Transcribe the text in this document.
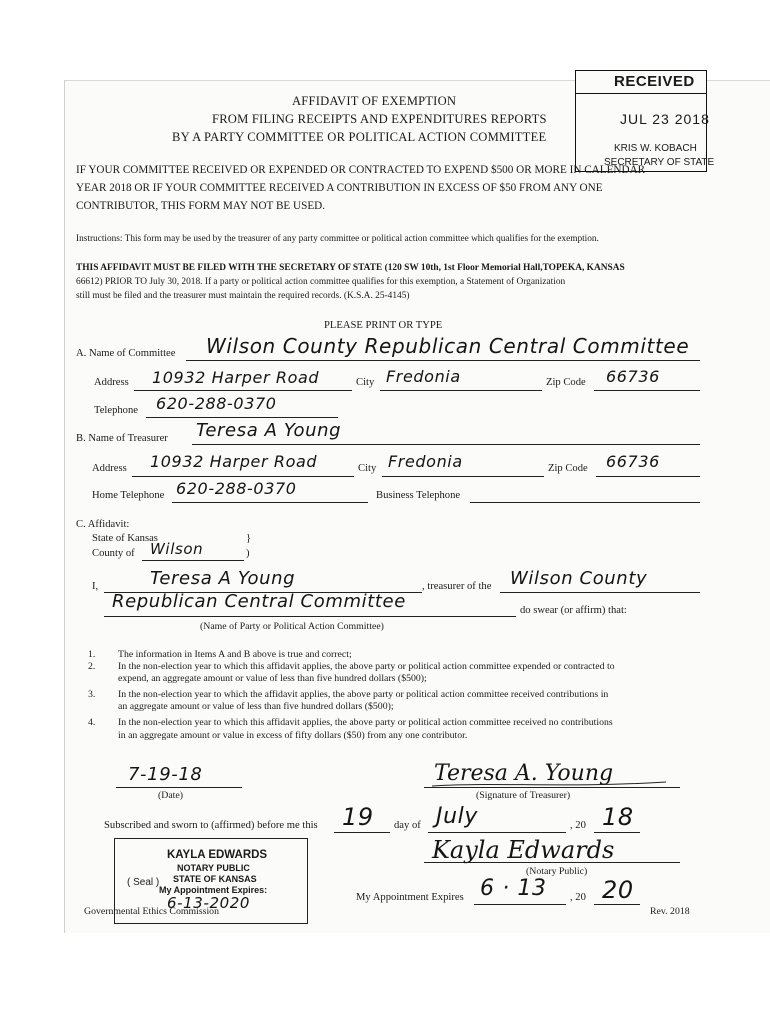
AFFIDAVIT OF EXEMPTION
FROM FILING RECEIPTS AND EXPENDITURES REPORTS
BY A PARTY COMMITTEE OR POLITICAL ACTION COMMITTEE
RECEIVED
JUL 23 2018
KRIS W. KOBACH
SECRETARY OF STATE
IF YOUR COMMITTEE RECEIVED OR EXPENDED OR CONTRACTED TO EXPEND $500 OR MORE IN CALENDAR
YEAR 2018 OR IF YOUR COMMITTEE RECEIVED A CONTRIBUTION IN EXCESS OF $50 FROM ANY ONE
CONTRIBUTOR, THIS FORM MAY NOT BE USED.
Instructions: This form may be used by the treasurer of any party committee or political action committee which qualifies for the exemption.
THIS AFFIDAVIT MUST BE FILED WITH THE SECRETARY OF STATE (120 SW 10th, 1st Floor Memorial Hall,TOPEKA, KANSAS
66612) PRIOR TO July 30, 2018. If a party or political action committee qualifies for this exemption, a Statement of Organization
still must be filed and the treasurer must maintain the required records. (K.S.A. 25-4145)
PLEASE PRINT OR TYPE
A. Name of Committee Wilson County Republican Central Committee
Address 10932 Harper Road	City Fredonia	Zip Code 66736
Telephone 620-288-0370
B. Name of Treasurer Teresa A Young
Address 10932 Harper Road	City Fredonia	Zip Code 66736
Home Telephone 620-288-0370	Business Telephone
C. Affidavit:
State of Kansas	}
County of Wilson	)
I,	Teresa A Young	, treasurer of the Wilson County
Republican Central Committee	do swear (or affirm) that:
(Name of Party or Political Action Committee)
1. The information in Items A and B above is true and correct;
2. In the non-election year to which this affidavit applies, the above party or political action committee expended or contracted to
expend, an aggregate amount or value of less than five hundred dollars ($500);
3. In the non-election year to which the affidavit applies, the above party or political action committee received contributions in
an aggregate amount or value of less than five hundred dollars ($500);
4. In the non-election year to which this affidavit applies, the above party or political action committee received no contributions
in an aggregate amount or value in excess of fifty dollars ($50) from any one contributor.
7-19-18
(Date)
Teresa A. Young
(Signature of Treasurer)
Subscribed and sworn to (affirmed) before me this 19 day of July	, 20 18
KAYLA EDWARDS
NOTARY PUBLIC
STATE OF KANSAS
My Appointment Expires:
6-13-2020
( Seal )
Kayla Edwards
(Notary Public)
My Appointment Expires 6 · 13 , 20 20
Governmental Ethics Commission	Rev. 2018
